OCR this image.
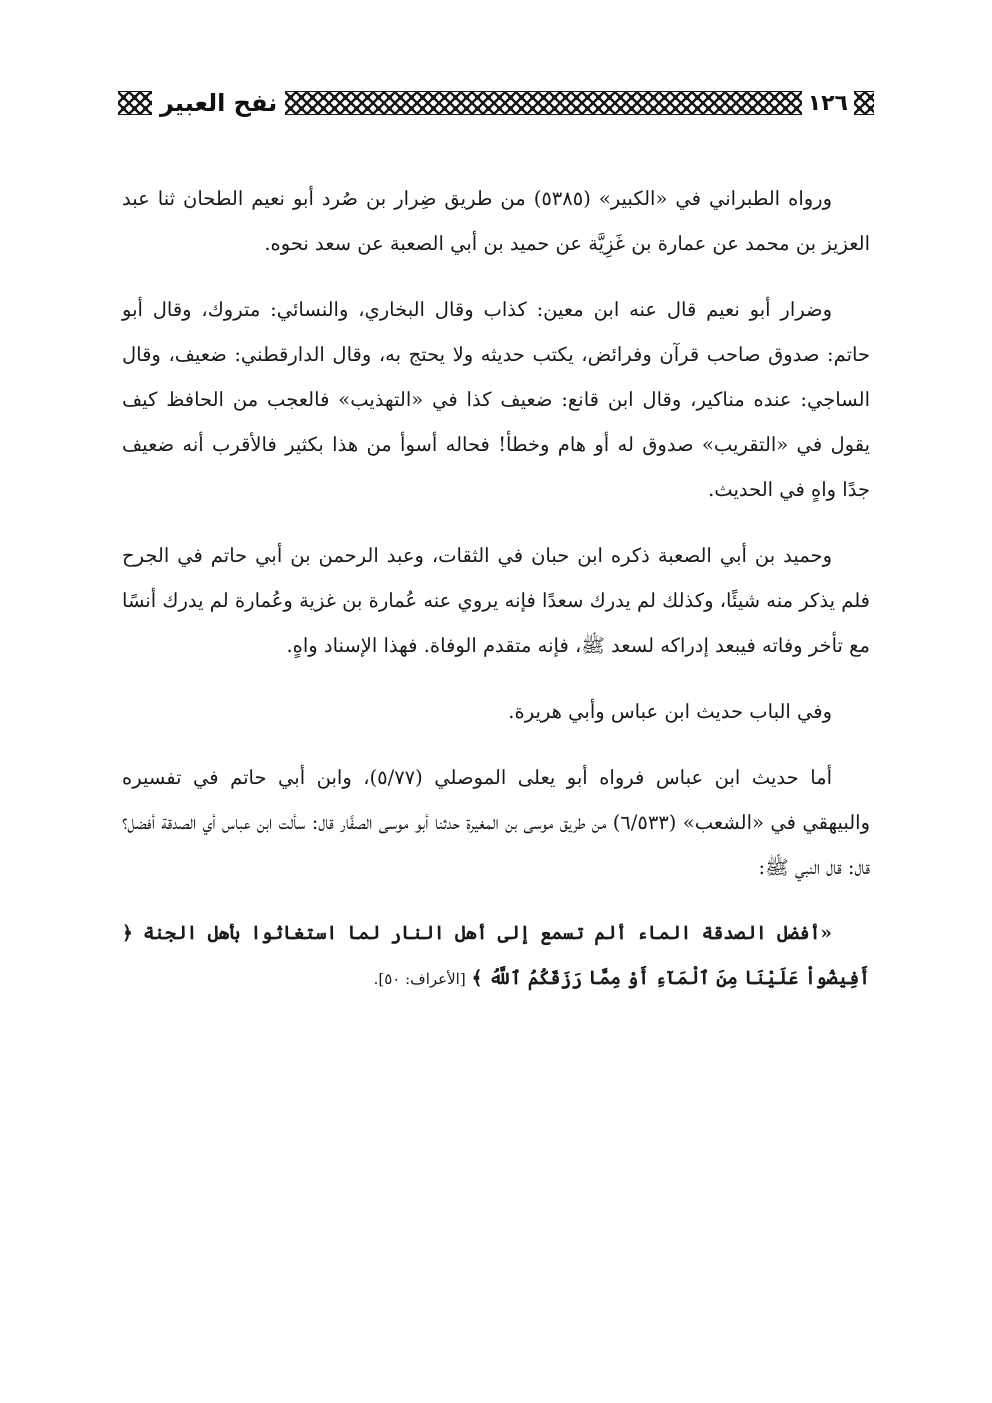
١٢٦
نفح العبير

ورواه الطبراني في «الكبير» (٥٣٨٥) من طريق ضِرار بن صُرد أبو نعيم الطحان ثنا عبد العزيز بن محمد عن عمارة بن غَزِيَّة عن حميد بن أبي الصعبة عن سعد نحوه.

وضرار أبو نعيم قال عنه ابن معين: كذاب وقال البخاري، والنسائي: متروك، وقال أبو حاتم: صدوق صاحب قرآن وفرائض، يكتب حديثه ولا يحتج به، وقال الدارقطني: ضعيف، وقال الساجي: عنده مناكير، وقال ابن قانع: ضعيف كذا في «التهذيب» فالعجب من الحافظ كيف يقول في «التقريب» صدوق له أو هام وخطأ! فحاله أسوأ من هذا بكثير فالأقرب أنه ضعيف جدًا واهٍ في الحديث.

وحميد بن أبي الصعبة ذكره ابن حبان في الثقات، وعبد الرحمن بن أبي حاتم في الجرح فلم يذكر منه شيئًا، وكذلك لم يدرك سعدًا فإنه يروي عنه عُمارة بن غزية وعُمارة لم يدرك أنسًا مع تأخر وفاته فيبعد إدراكه لسعد ﷺ، فإنه متقدم الوفاة. فهذا الإسناد واهٍ.

وفي الباب حديث ابن عباس وأبي هريرة.

أما حديث ابن عباس فرواه أبو يعلى الموصلي (٥/٧٧)، وابن أبي حاتم في تفسيره والبيهقي في «الشعب» (٦/٥٣٣) من طريق موسى بن المغيرة حدثنا أبو موسى الصفَّار قال: سألت ابن عباس أي الصدقة أفضل؟ قال: قال النبي ﷺ:

«أفضل الصدقة الماء ألم تسمع إلى أهل النار لما استغاثوا بأهل الجنة ﴿ أَفِيضُواْ عَلَيْنَا مِنَ ٱلْمَآءِ أَوْ مِمَّا رَزَقَكُمُ ٱللَّهُ ﴾ [الأعراف: ٥٠].
